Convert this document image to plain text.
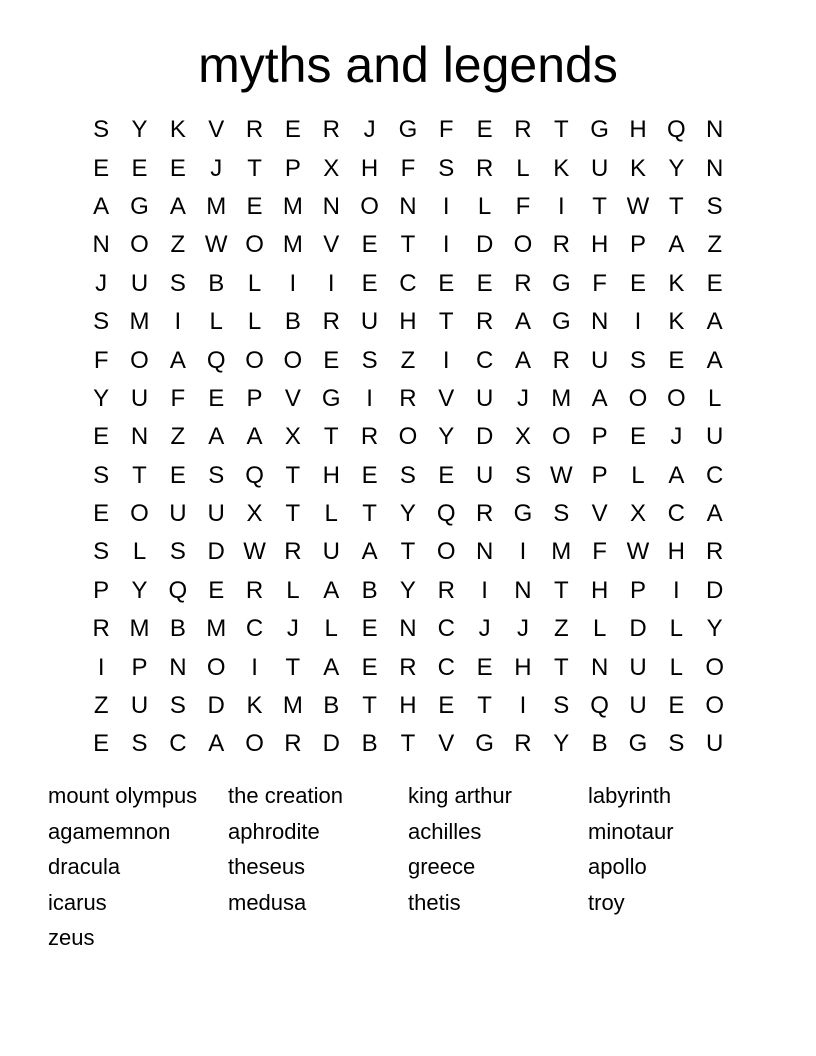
myths and legends
S Y K V R E R J G F E R T G H Q N
E E E	J	T P X H F S R L K U K Y N
A G A M E M N O N	I	L	F	I	T W T S
N O Z W O M V E T	I	D O R H P A Z
J U S B L	I	I	E C E E R G F E K E
S M	I	L	L B R U H T R A G N	I	K A
F O A Q O O E S Z	I	C A R U S E A
Y U F E P V G	I	R V U J M A O O L
E N Z A A X T R O Y D X O P E	J U
S T E S Q T H E S E U S W P L A C
E O U U X T	L	T Y Q R G S V X C A
S L S D W R U A T O N	I	M F W H R
P Y Q E R L A B Y R	I	N T H P	I	D
R M B M C J	L E N C J	J	Z	L D L Y
I	P N O	I	T A E R C E H T N U L O
Z U S D K M B T H E T	I	S Q U E O
E S C A O R D B T V G R Y B G S U
mount olympus	the creation	king arthur	labyrinth
agamemnon	aphrodite	achilles	minotaur
dracula	theseus	greece	apollo
icarus	medusa	thetis	troy
zeus
